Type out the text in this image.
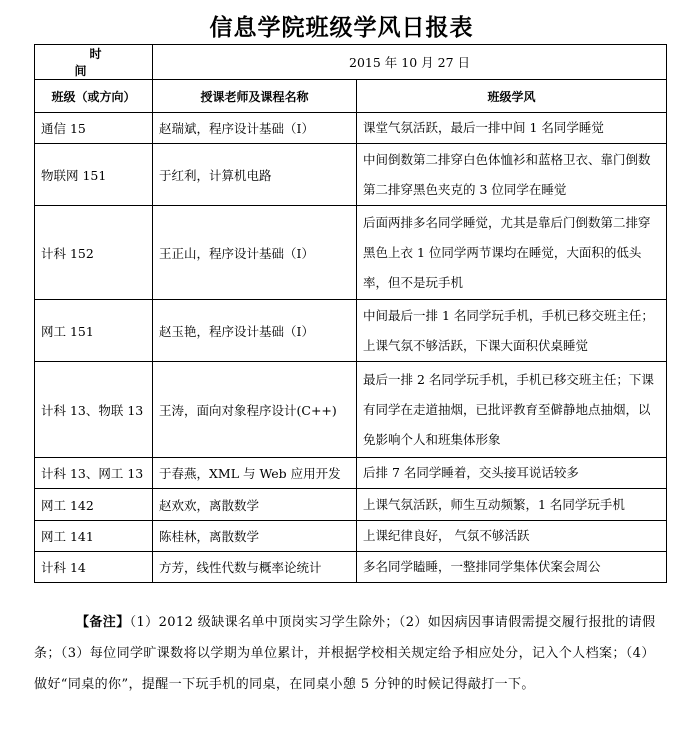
信息学院班级学风日报表
时 间	2015 年 10 月 27 日	
班级（或方向）	授课老师及课程名称	班级学风
通信 15	赵瑞斌，程序设计基础（I）	课堂气氛活跃，最后一排中间 1 名同学睡觉
物联网 151	于红利，计算机电路	中间倒数第二排穿白色体恤衫和蓝格卫衣、靠门倒数第二排穿黑色夹克的 3 位同学在睡觉
计科 152	王正山，程序设计基础（I）	后面两排多名同学睡觉，尤其是靠后门倒数第二排穿黑色上衣 1 位同学两节课均在睡觉，大面积的低头率，但不是玩手机
网工 151	赵玉艳，程序设计基础（I）	中间最后一排 1 名同学玩手机，手机已移交班主任；上课气氛不够活跃，下课大面积伏桌睡觉
计科 13、物联 13	王涛，面向对象程序设计(C++)	最后一排 2 名同学玩手机，手机已移交班主任；下课有同学在走道抽烟，已批评教育至僻静地点抽烟，以免影响个人和班集体形象
计科 13、网工 13	于春燕，XML 与 Web 应用开发	后排 7 名同学睡着，交头接耳说话较多
网工 142	赵欢欢，离散数学	上课气氛活跃，师生互动频繁，1 名同学玩手机
网工 141	陈桂林，离散数学	上课纪律良好， 气氛不够活跃
计科 14	方芳，线性代数与概率论统计	多名同学瞌睡，一整排同学集体伏案会周公
【备注】（1）2012 级缺课名单中顶岗实习学生除外；（2）如因病因事请假需提交履行报批的请假条；（3）每位同学旷课数将以学期为单位累计，并根据学校相关规定给予相应处分，记入个人档案；（4）做好“同桌的你”，提醒一下玩手机的同桌，在同桌小憩 5 分钟的时候记得敲打一下。
